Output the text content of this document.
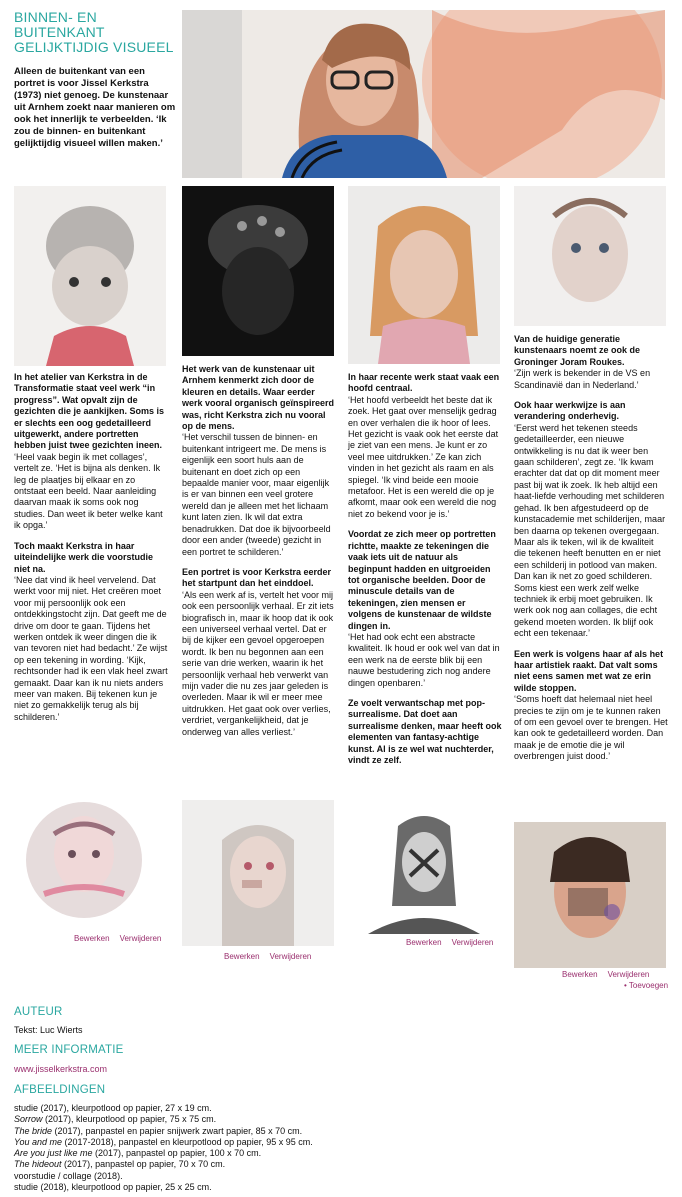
BINNEN- EN
BUITENKANT
GELIJKTIJDIG VISUEEL
Alleen de buitenkant van een portret is voor Jissel Kerkstra (1973) niet genoeg. De kunstenaar uit Arnhem zoekt naar manieren om ook het innerlijk te verbeelden. ‘Ik zou de binnen- en buitenkant gelijktijdig visueel willen maken.’

In het atelier van Kerkstra in de Transformatie staat veel werk “in progress”. Wat opvalt zijn de gezichten die je aankijken. Soms is er slechts een oog gedetailleerd uitgewerkt, andere portretten hebben juist twee gezichten ineen.
‘Heel vaak begin ik met collages’, vertelt ze. ‘Het is bijna als denken. Ik leg de plaatjes bij elkaar en zo ontstaat een beeld. Naar aanleiding daarvan maak ik soms ook nog studies. Dan weet ik beter welke kant ik opga.’

Toch maakt Kerkstra in haar uiteindelijke werk die voorstudie niet na.
‘Nee dat vind ik heel vervelend. Dat werkt voor mij niet. Het creëren moet voor mij persoonlijk ook een ontdekkingstocht zijn. Dat geeft me de drive om door te gaan. Tijdens het werken ontdek ik weer dingen die ik van tevoren niet had bedacht.’ Ze wijst op een tekening in wording. ‘Kijk, rechtsonder had ik een vlak heel zwart gemaakt. Daar kan ik nu niets anders meer van maken. Bij tekenen kun je niet zo gemakkelijk terug als bij schilderen.’

Het werk van de kunstenaar uit Arnhem kenmerkt zich door de kleuren en details. Waar eerder werk vooral organisch geïnspireerd was, richt Kerkstra zich nu vooral op de mens.
‘Het verschil tussen de binnen- en buitenkant intrigeert me. De mens is eigenlijk een soort huls aan de buitenant en doet zich op een bepaalde manier voor, maar eigenlijk is er van binnen een veel grotere wereld dan je alleen met het lichaam kunt laten zien. Ik wil dat extra benadrukken. Dat doe ik bijvoorbeeld door een ander (tweede) gezicht in een portret te schilderen.’

Een portret is voor Kerkstra eerder het startpunt dan het einddoel.
‘Als een werk af is, vertelt het voor mij ook een persoonlijk verhaal. Er zit iets biografisch in, maar ik hoop dat ik ook een universeel verhaal vertel. Dat er bij de kijker een gevoel opgeroepen wordt. Ik ben nu begonnen aan een serie van drie werken, waarin ik het persoonlijk verhaal heb verwerkt van mijn vader die nu zes jaar geleden is overleden. Maar ik wil er meer mee uitdrukken. Het gaat ook over verlies, verdriet, vergankelijkheid, dat je onderweg van alles verliest.’

In haar recente werk staat vaak een hoofd centraal.
‘Het hoofd verbeeldt het beste dat ik zoek. Het gaat over menselijk gedrag en over verhalen die ik hoor of lees. Het gezicht is vaak ook het eerste dat je ziet van een mens. Je kunt er zo veel mee uitdrukken.’ Ze kan zich vinden in het gezicht als raam en als spiegel. ‘Ik vind beide een mooie metafoor. Het is een wereld die op je afkomt, maar ook een wereld die nog niet zo bekend voor je is.’

Voordat ze zich meer op portretten richtte, maakte ze tekeningen die vaak iets uit de natuur als beginpunt hadden en uitgroeiden tot organische beelden. Door de minuscule details van de tekeningen, zien mensen er volgens de kunstenaar de wildste dingen in.
‘Het had ook echt een abstracte kwaliteit. Ik houd er ook wel van dat in een werk na de eerste blik bij een nauwe bestudering zich nog andere dingen openbaren.’

Ze voelt verwantschap met pop-surrealisme. Dat doet aan surrealisme denken, maar heeft ook elementen van fantasy-achtige kunst. Al is ze wel wat nuchterder, vindt ze zelf.

Van de huidige generatie kunstenaars noemt ze ook de Groninger Joram Roukes.
‘Zijn werk is bekender in de VS en Scandinavië dan in Nederland.’

Ook haar werkwijze is aan verandering onderhevig.
‘Eerst werd het tekenen steeds gedetailleerder, een nieuwe ontwikkeling is nu dat ik weer ben gaan schilderen’, zegt ze. ‘Ik kwam erachter dat dat op dit moment meer past bij wat ik zoek. Ik heb altijd een haat-liefde verhouding met schilderen gehad. Ik ben afgestudeerd op de kunstacademie met schilderijen, maar ben daarna op tekenen overgegaan. Maar als ik teken, wil ik de kwaliteit die tekenen heeft benutten en er niet een schilderij in potlood van maken. Dan kan ik net zo goed schilderen. Soms kiest een werk zelf welke techniek ik erbij moet gebruiken. Ik werk ook nog aan collages, die echt gekend moeten worden. Ik blijf ook echt een tekenaar.’

Een werk is volgens haar af als het haar artistiek raakt. Dat valt soms niet eens samen met wat ze erin wilde stoppen.
‘Soms hoeft dat helemaal niet heel precies te zijn om je te kunnen raken of om een gevoel over te brengen. Het kan ook te gedetailleerd worden. Dan maak je de emotie die je wil overbrengen juist dood.’

Bewerken Verwijderen
Bewerken Verwijderen
Bewerken Verwijderen
Bewerken Verwijderen
• Toevoegen
AUTEUR
Tekst: Luc Wierts
MEER INFORMATIE
www.jisselkerkstra.com
AFBEELDINGEN
studie (2017), kleurpotlood op papier, 27 x 19 cm.
Sorrow (2017), kleurpotlood op papier, 75 x 75 cm.
The bride (2017), panpastel en papier snijwerk zwart papier, 85 x 70 cm.
You and me (2017-2018), panpastel en kleurpotlood op papier, 95 x 95 cm.
Are you just like me (2017), panpastel op papier, 100 x 70 cm.
The hideout (2017), panpastel op papier, 70 x 70 cm.
voorstudie / collage (2018).
studie (2018), kleurpotlood op papier, 25 x 25 cm.
